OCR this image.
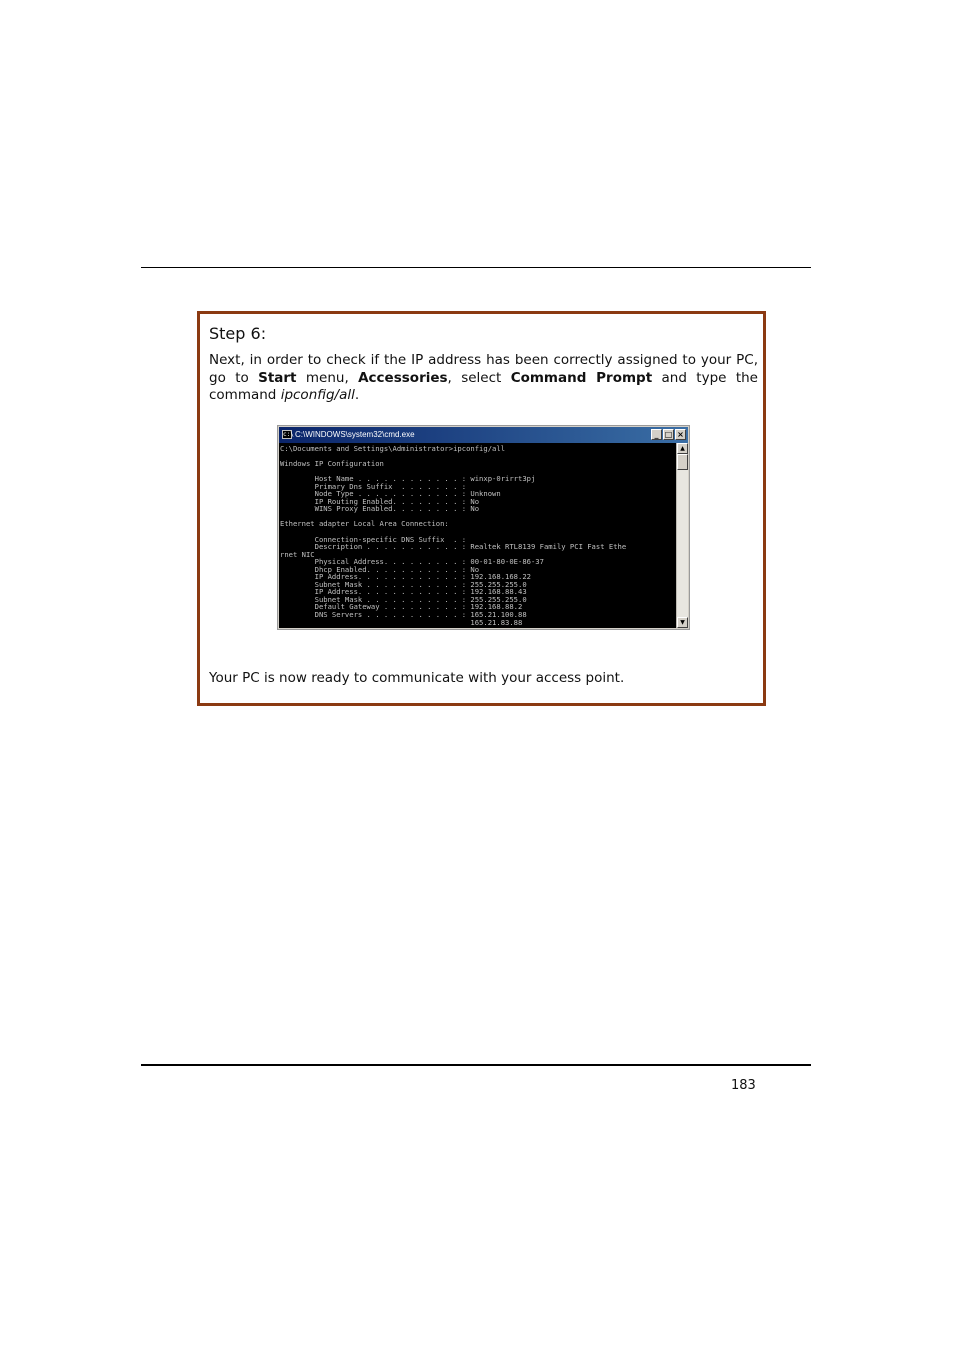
Step 6:
Next, in order to check if the IP address has been correctly assigned to your PC, go to Start menu, Accessories, select Command Prompt and type the command ipconfig/all.
c:\ C:\WINDOWS\system32\cmd.exe	_ □ ×
C:\Documents and Settings\Administrator>ipconfig/all
Windows IP Configuration
Host Name . . . . . . . . . . . . : winxp-0rirrt3pj
Primary Dns Suffix  . . . . . . . :
Node Type . . . . . . . . . . . . : Unknown
IP Routing Enabled. . . . . . . . : No
WINS Proxy Enabled. . . . . . . . : No
Ethernet adapter Local Area Connection:
Connection-specific DNS Suffix  . :
Description . . . . . . . . . . . : Realtek RTL8139 Family PCI Fast Ethe
rnet NIC
Physical Address. . . . . . . . . : 00-01-80-0E-86-37
Dhcp Enabled. . . . . . . . . . . : No
IP Address. . . . . . . . . . . . : 192.168.168.22
Subnet Mask . . . . . . . . . . . : 255.255.255.0
IP Address. . . . . . . . . . . . : 192.168.88.43
Subnet Mask . . . . . . . . . . . : 255.255.255.0
Default Gateway . . . . . . . . . : 192.168.88.2
DNS Servers . . . . . . . . . . . : 165.21.100.88
165.21.83.88
▲
▼
Your PC is now ready to communicate with your access point.
183
